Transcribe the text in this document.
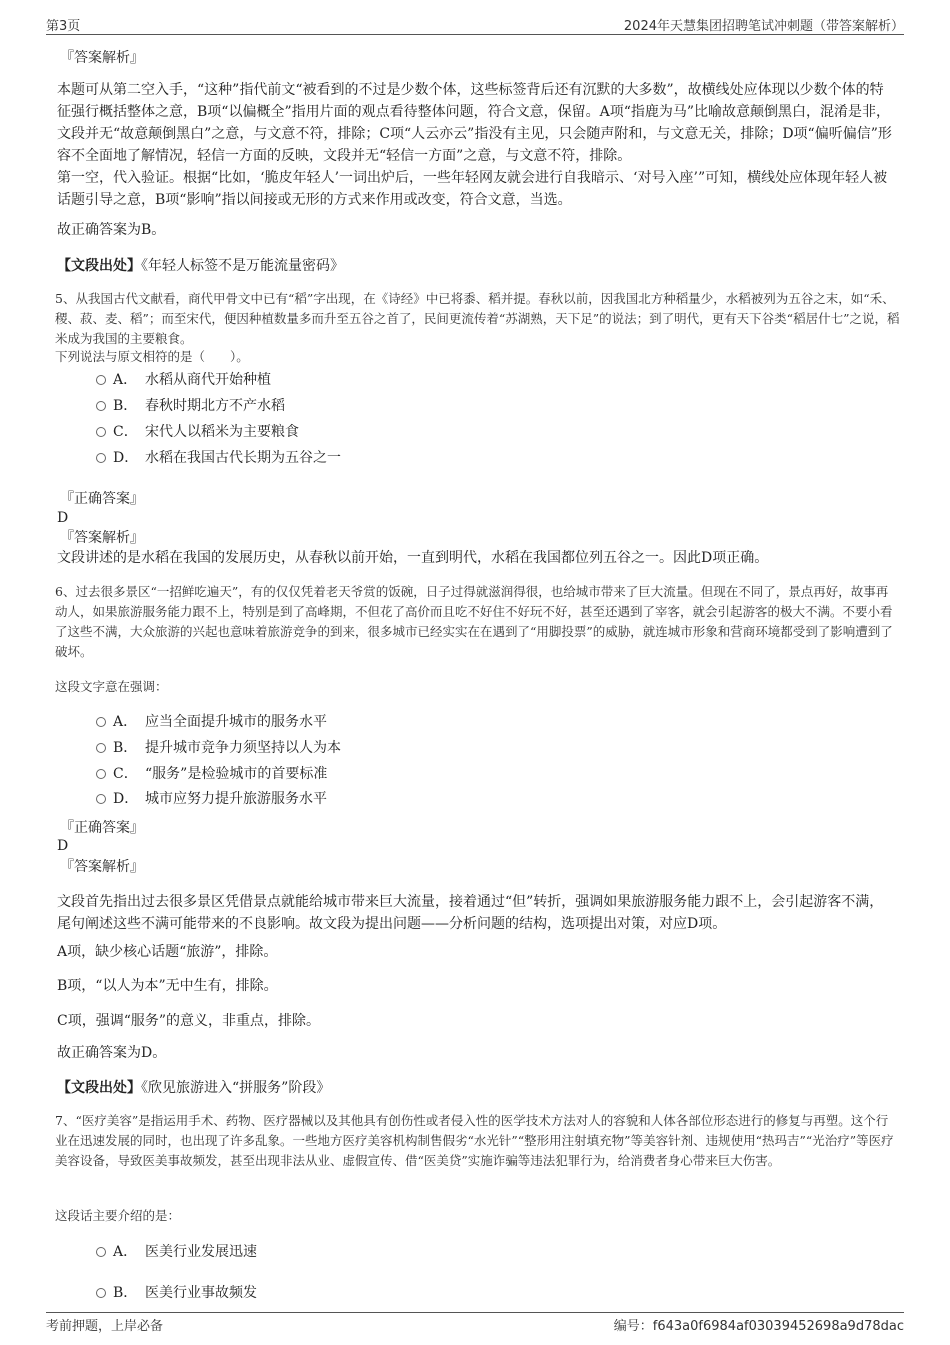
第3页	2024年天慧集团招聘笔试冲刺题（带答案解析）
『答案解析』

本题可从第二空入手，“这种”指代前文“被看到的不过是少数个体，这些标签背后还有沉默的大多数”，故横线处应体现以少数个体的特征强行概括整体之意，B项“以偏概全”指用片面的观点看待整体问题，符合文意，保留。A项“指鹿为马”比喻故意颠倒黑白，混淆是非，文段并无“故意颠倒黑白”之意，与文意不符，排除；C项“人云亦云”指没有主见，只会随声附和，与文意无关，排除；D项“偏听偏信”形容不全面地了解情况，轻信一方面的反映，文段并无“轻信一方面”之意，与文意不符，排除。

第一空，代入验证。根据“比如，‘脆皮年轻人’一词出炉后，一些年轻网友就会进行自我暗示、‘对号入座’”可知，横线处应体现年轻人被话题引导之意，B项“影响”指以间接或无形的方式来作用或改变，符合文意，当选。

故正确答案为B。

【文段出处】《年轻人标签不是万能流量密码》

5、从我国古代文献看，商代甲骨文中已有“稻”字出现，在《诗经》中已将黍、稻并提。春秋以前，因我国北方种稻量少，水稻被列为五谷之末，如“禾、稷、菽、麦、稻”；而至宋代，便因种植数量多而升至五谷之首了，民间更流传着“苏湖熟，天下足”的说法；到了明代，更有天下谷类“稻居什七”之说，稻米成为我国的主要粮食。

下列说法与原文相符的是（　　）。

A． 水稻从商代开始种植
B． 春秋时期北方不产水稻
C． 宋代人以稻米为主要粮食
D． 水稻在我国古代长期为五谷之一
『正确答案』
D
『答案解析』

文段讲述的是水稻在我国的发展历史，从春秋以前开始，一直到明代，水稻在我国都位列五谷之一。因此D项正确。

6、过去很多景区“一招鲜吃遍天”，有的仅仅凭着老天爷赏的饭碗，日子过得就滋润得很，也给城市带来了巨大流量。但现在不同了，景点再好，故事再动人，如果旅游服务能力跟不上，特别是到了高峰期，不但花了高价而且吃不好住不好玩不好，甚至还遇到了宰客，就会引起游客的极大不满。不要小看了这些不满，大众旅游的兴起也意味着旅游竞争的到来，很多城市已经实实在在遇到了“用脚投票”的威胁，就连城市形象和营商环境都受到了影响遭到了破坏。

这段文字意在强调：

A． 应当全面提升城市的服务水平
B． 提升城市竞争力须坚持以人为本
C． “服务”是检验城市的首要标准
D． 城市应努力提升旅游服务水平
『正确答案』
D
『答案解析』

文段首先指出过去很多景区凭借景点就能给城市带来巨大流量，接着通过“但”转折，强调如果旅游服务能力跟不上，会引起游客不满，尾句阐述这些不满可能带来的不良影响。故文段为提出问题——分析问题的结构，选项提出对策，对应D项。

A项，缺少核心话题“旅游”，排除。

B项，“以人为本”无中生有，排除。

C项，强调“服务”的意义，非重点，排除。

故正确答案为D。

【文段出处】《欣见旅游进入“拼服务”阶段》

7、“医疗美容”是指运用手术、药物、医疗器械以及其他具有创伤性或者侵入性的医学技术方法对人的容貌和人体各部位形态进行的修复与再塑。这个行业在迅速发展的同时，也出现了许多乱象。一些地方医疗美容机构制售假劣“水光针”“整形用注射填充物”等美容针剂、违规使用“热玛吉”“光治疗”等医疗美容设备，导致医美事故频发，甚至出现非法从业、虚假宣传、借“医美贷”实施诈骗等违法犯罪行为，给消费者身心带来巨大伤害。

这段话主要介绍的是：

A． 医美行业发展迅速
B． 医美行业事故频发
考前押题，上岸必备	编号：f643a0f6984af03039452698a9d78dac
